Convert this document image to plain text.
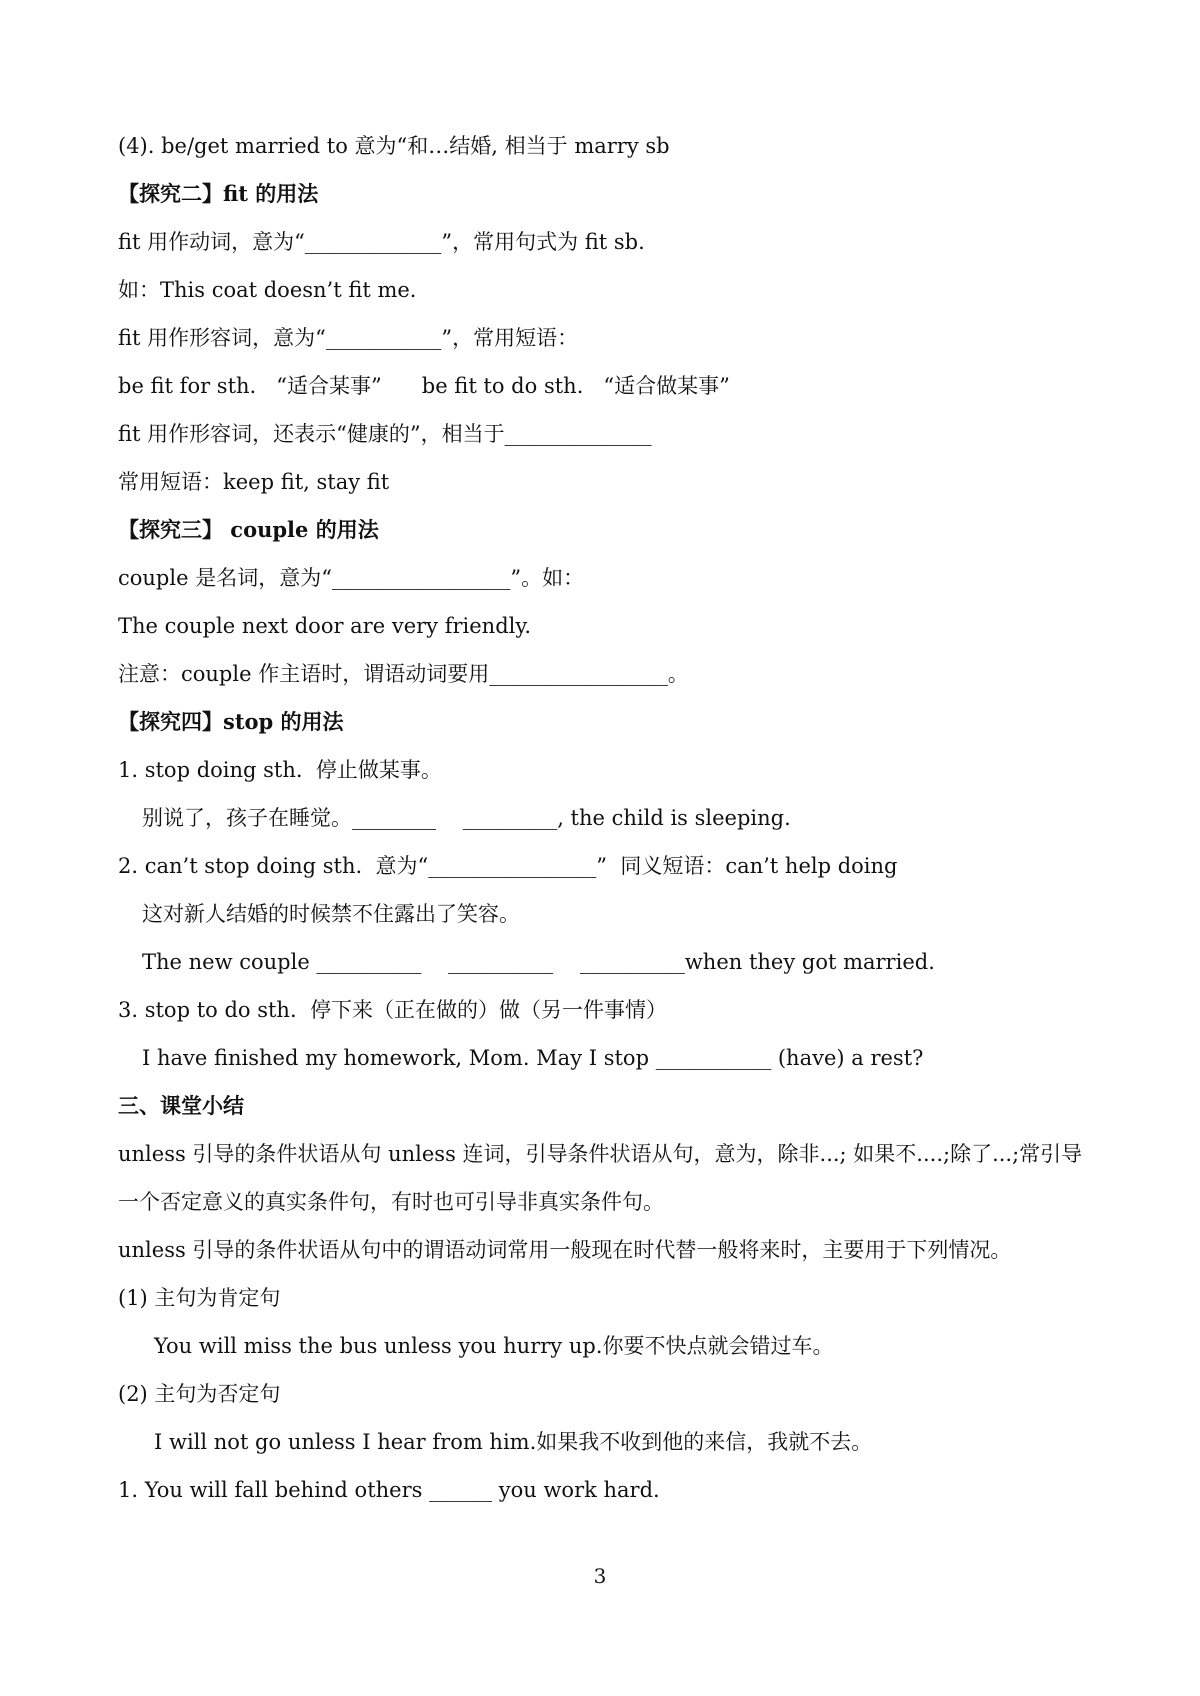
(4). be/get married to 意为“和…结婚, 相当于 marry sb
【探究二】fit 的用法
fit 用作动词，意为“_____________”，常用句式为 fit sb.
如：This coat doesn’t fit me.
fit 用作形容词，意为“___________”，常用短语：
be fit for sth.   “适合某事”      be fit to do sth.   “适合做某事”
fit 用作形容词，还表示“健康的”，相当于______________
常用短语：keep fit, stay fit
【探究三】 couple 的用法
couple 是名词，意为“_________________”。如：
The couple next door are very friendly.
注意：couple 作主语时，谓语动词要用_________________。
【探究四】stop 的用法
1. stop doing sth.  停止做某事。
别说了，孩子在睡觉。________    _________, the child is sleeping.
2. can’t stop doing sth.  意为“________________”  同义短语：can’t help doing
这对新人结婚的时候禁不住露出了笑容。
The new couple __________    __________    __________when they got married.
3. stop to do sth.  停下来（正在做的）做（另一件事情）
I have finished my homework, Mom. May I stop ___________ (have) a rest?
三、课堂小结
unless 引导的条件状语从句 unless 连词，引导条件状语从句，意为，除非...; 如果不....;除了...;常引导一个否定意义的真实条件句，有时也可引导非真实条件句。
unless 引导的条件状语从句中的谓语动词常用一般现在时代替一般将来时，主要用于下列情况。
(1) 主句为肯定句
You will miss the bus unless you hurry up.你要不快点就会错过车。
(2) 主句为否定句
I will not go unless I hear from him.如果我不收到他的来信，我就不去。
1. You will fall behind others ______ you work hard.
3
